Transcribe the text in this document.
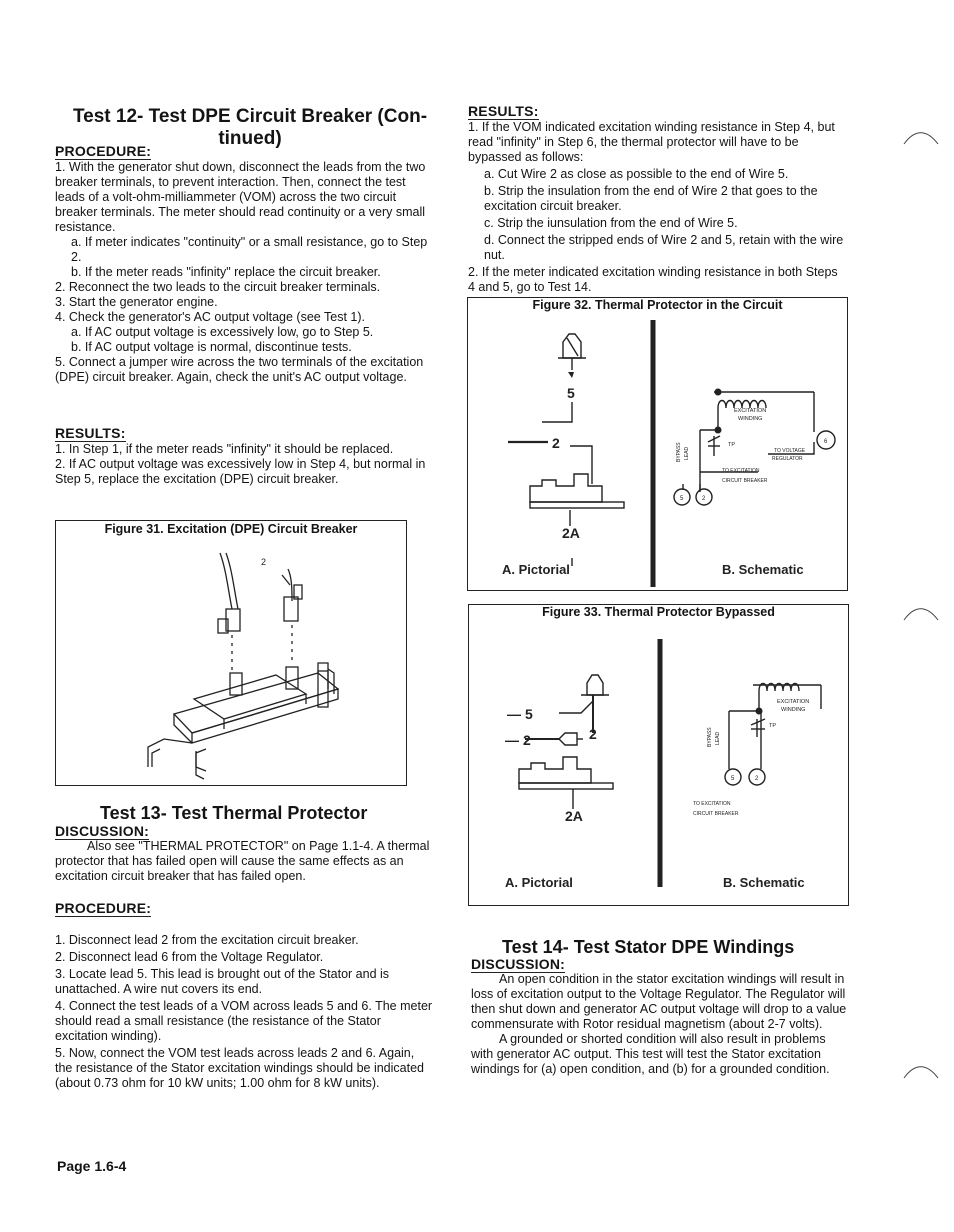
Test 12- Test DPE Circuit Breaker (Con-
tinued)
PROCEDURE:
1. With the generator shut down, disconnect the leads from the two breaker terminals, to prevent interaction. Then, connect the test leads of a volt-ohm-milliammeter (VOM) across the two circuit breaker terminals. The meter should read continuity or a very small resistance.
a. If meter indicates "continuity" or a small resistance, go to Step 2.
b. If the meter reads "infinity" replace the circuit breaker.
2. Reconnect the two leads to the circuit breaker terminals.
3. Start the generator engine.
4. Check the generator's AC output voltage (see Test 1).
a. If AC output voltage is excessively low, go to Step 5.
b. If AC output voltage is normal, discontinue tests.
5. Connect a jumper wire across the two terminals of the excitation (DPE) circuit breaker. Again, check the unit's AC output voltage.
RESULTS:
1. In Step 1, if the meter reads "infinity" it should be replaced.
2. If AC output voltage was excessively low in Step 4, but normal in Step 5, replace the excitation (DPE) circuit breaker.
Figure 31. Excitation (DPE) Circuit Breaker
2
Test 13- Test Thermal Protector
DISCUSSION:
Also see "THERMAL PROTECTOR" on Page 1.1-4. A thermal protector that has failed open will cause the same effects as an excitation circuit breaker that has failed open.
PROCEDURE:
1. Disconnect lead 2 from the excitation circuit breaker.
2. Disconnect lead 6 from the Voltage Regulator.
3. Locate lead 5. This lead is brought out of the Stator and is unattached. A wire nut covers its end.
4. Connect the test leads of a VOM across leads 5 and 6. The meter should read a small resistance (the resistance of the Stator excitation winding).
5. Now, connect the VOM test leads across leads 2 and 6. Again, the resistance of the Stator excitation windings should be indicated (about 0.73 ohm for 10 kW units; 1.00 ohm for 8 kW units).
Page 1.6-4
RESULTS:
1. If the VOM indicated excitation winding resistance in Step 4, but read "infinity" in Step 6, the thermal protector will have to be bypassed as follows:
a. Cut Wire 2 as close as possible to the end of Wire 5.
b. Strip the insulation from the end of Wire 2 that goes to the excitation circuit breaker.
c. Strip the iunsulation from the end of Wire 5.
d. Connect the stripped ends of Wire 2 and 5, retain with the wire nut.
2. If the meter indicated excitation winding resistance in both Steps 4 and 5, go to Test 14.
Figure 32. Thermal Protector in the Circuit
5
2
2A
A. Pictorial	B. Schematic
EXCITATION
WINDING
BYPASS LEAD
TP
TO VOLTAGE
REGULATOR
TO EXCITATION
CIRCUIT BREAKER
6
5	2
Figure 33. Thermal Protector Bypassed
— 5
— 2	2
2A
A. Pictorial	B. Schematic
EXCITATION
WINDING
BYPASS LEAD
TP
TO EXCITATION
CIRCUIT BREAKER
5	2
Test 14- Test Stator DPE Windings
DISCUSSION:
An open condition in the stator excitation windings will result in loss of excitation output to the Voltage Regulator. The Regulator will then shut down and generator AC output voltage will drop to a value commensurate with Rotor residual magnetism (about 2-7 volts).
A grounded or shorted condition will also result in problems with generator AC output. This test will test the Stator excitation windings for (a) open condition, and (b) for a grounded condition.
